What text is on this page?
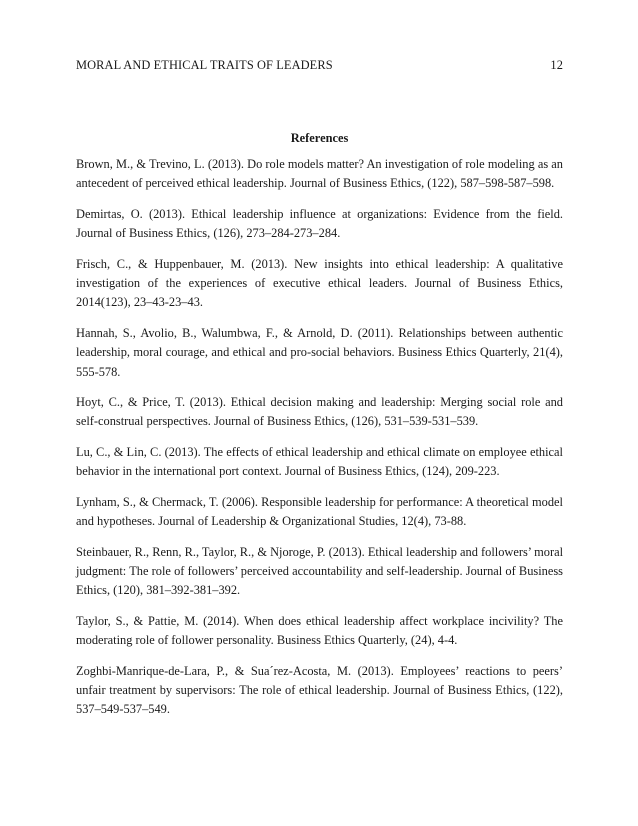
MORAL AND ETHICAL TRAITS OF LEADERS	12
References
Brown, M., & Trevino, L. (2013). Do role models matter? An investigation of role modeling as an antecedent of perceived ethical leadership. Journal of Business Ethics, (122), 587–598-587–598.
Demirtas, O. (2013). Ethical leadership influence at organizations: Evidence from the field. Journal of Business Ethics, (126), 273–284-273–284.
Frisch, C., & Huppenbauer, M. (2013). New insights into ethical leadership: A qualitative investigation of the experiences of executive ethical leaders. Journal of Business Ethics, 2014(123), 23–43-23–43.
Hannah, S., Avolio, B., Walumbwa, F., & Arnold, D. (2011). Relationships between authentic leadership, moral courage, and ethical and pro-social behaviors. Business Ethics Quarterly, 21(4), 555-578.
Hoyt, C., & Price, T. (2013). Ethical decision making and leadership: Merging social role and self-construal perspectives. Journal of Business Ethics, (126), 531–539-531–539.
Lu, C., & Lin, C. (2013). The effects of ethical leadership and ethical climate on employee ethical behavior in the international port context. Journal of Business Ethics, (124), 209-223.
Lynham, S., & Chermack, T. (2006). Responsible leadership for performance: A theoretical model and hypotheses. Journal of Leadership & Organizational Studies, 12(4), 73-88.
Steinbauer, R., Renn, R., Taylor, R., & Njoroge, P. (2013). Ethical leadership and followers’ moral judgment: The role of followers’ perceived accountability and self-leadership. Journal of Business Ethics, (120), 381–392-381–392.
Taylor, S., & Pattie, M. (2014). When does ethical leadership affect workplace incivility? The moderating role of follower personality. Business Ethics Quarterly, (24), 4-4.
Zoghbi-Manrique-de-Lara, P., & Sua´rez-Acosta, M. (2013). Employees’ reactions to peers’ unfair treatment by supervisors: The role of ethical leadership. Journal of Business Ethics, (122), 537–549-537–549.
